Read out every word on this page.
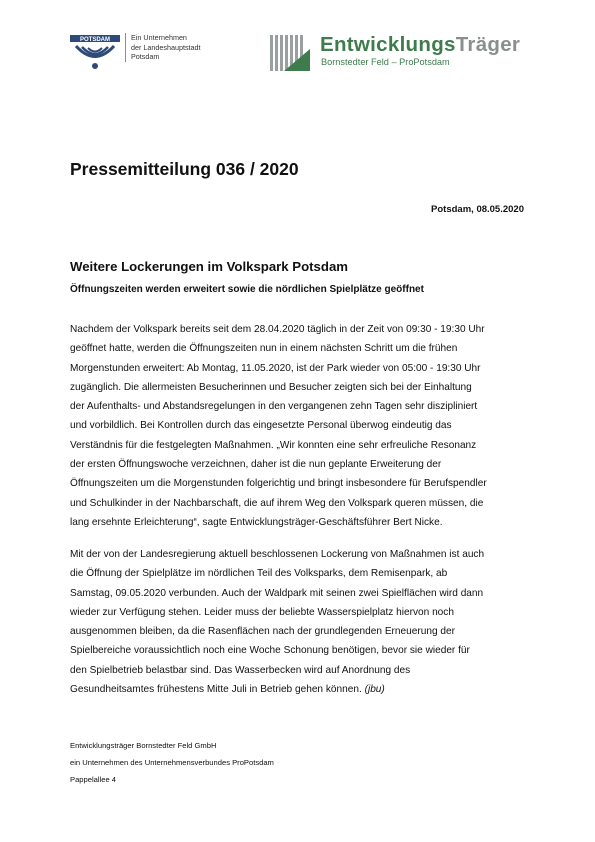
POTSDAM	Ein Unternehmen
der Landeshauptstadt
Potsdam
EntwicklungsTräger
Bornstedter Feld – ProPotsdam
Pressemitteilung 036 / 2020
Potsdam, 08.05.2020
Weitere Lockerungen im Volkspark Potsdam
Öffnungszeiten werden erweitert sowie die nördlichen Spielplätze geöffnet
Nachdem der Volkspark bereits seit dem 28.04.2020 täglich in der Zeit von 09:30 - 19:30 Uhr
geöffnet hatte, werden die Öffnungszeiten nun in einem nächsten Schritt um die frühen
Morgenstunden erweitert: Ab Montag, 11.05.2020, ist der Park wieder von 05:00 - 19:30 Uhr
zugänglich. Die allermeisten Besucherinnen und Besucher zeigten sich bei der Einhaltung
der Aufenthalts- und Abstandsregelungen in den vergangenen zehn Tagen sehr diszipliniert
und vorbildlich. Bei Kontrollen durch das eingesetzte Personal überwog eindeutig das
Verständnis für die festgelegten Maßnahmen. „Wir konnten eine sehr erfreuliche Resonanz
der ersten Öffnungswoche verzeichnen, daher ist die nun geplante Erweiterung der
Öffnungszeiten um die Morgenstunden folgerichtig und bringt insbesondere für Berufspendler
und Schulkinder in der Nachbarschaft, die auf ihrem Weg den Volkspark queren müssen, die
lang ersehnte Erleichterung“, sagte Entwicklungsträger-Geschäftsführer Bert Nicke.
Mit der von der Landesregierung aktuell beschlossenen Lockerung von Maßnahmen ist auch
die Öffnung der Spielplätze im nördlichen Teil des Volksparks, dem Remisenpark, ab
Samstag, 09.05.2020 verbunden. Auch der Waldpark mit seinen zwei Spielflächen wird dann
wieder zur Verfügung stehen. Leider muss der beliebte Wasserspielplatz hiervon noch
ausgenommen bleiben, da die Rasenflächen nach der grundlegenden Erneuerung der
Spielbereiche voraussichtlich noch eine Woche Schonung benötigen, bevor sie wieder für
den Spielbetrieb belastbar sind. Das Wasserbecken wird auf Anordnung des
Gesundheitsamtes frühestens Mitte Juli in Betrieb gehen können. (jbu)
Entwicklungsträger Bornstedter Feld GmbH
ein Unternehmen des Unternehmensverbundes ProPotsdam
Pappelallee 4
